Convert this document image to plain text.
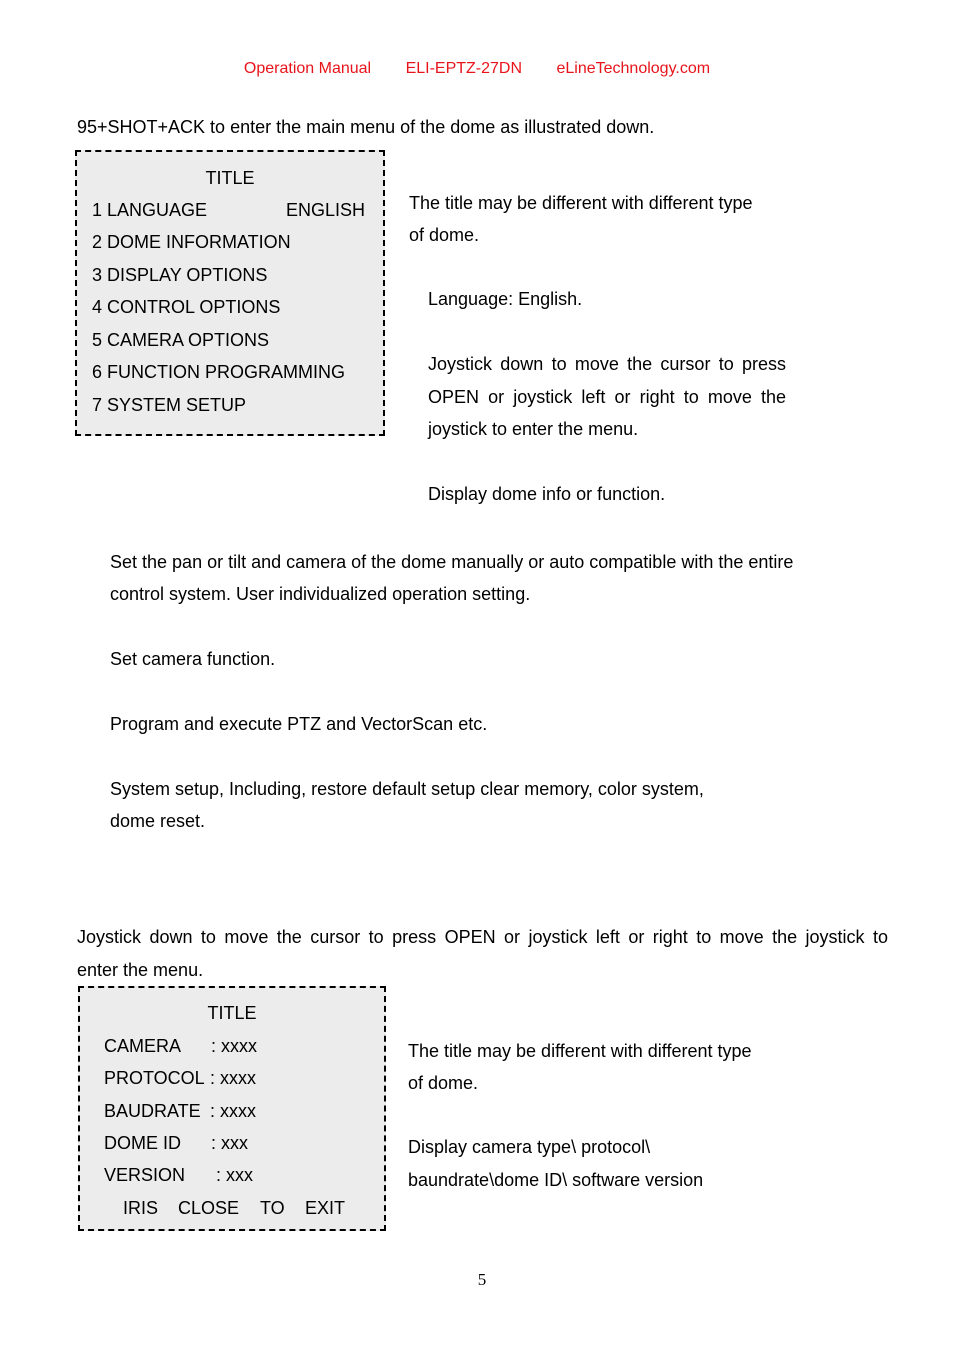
Operation Manual ELI-EPTZ-27DN eLineTechnology.com
95+SHOT+ACK to enter the main menu of the dome as illustrated down.
TITLE
1 LANGUAGE	ENGLISH
2 DOME INFORMATION
3 DISPLAY OPTIONS
4 CONTROL OPTIONS
5 CAMERA OPTIONS
6 FUNCTION PROGRAMMING
7 SYSTEM SETUP
The title may be different with different type
of dome.
Language: English.
Joystick down to move the cursor to press
OPEN or joystick left or right to move the
joystick to enter the menu.
Display dome info or function.
Set the pan or tilt and camera of the dome manually or auto compatible with the entire
control system. User individualized operation setting.
Set camera function.
Program and execute PTZ and VectorScan etc.
System setup, Including, restore default setup clear memory, color system,
dome reset.
Joystick down to move the cursor to press OPEN or joystick left or right to move the joystick to
enter the menu.
TITLE
CAMERA : xxxx
PROTOCOL : xxxx
BAUDRATE : xxxx
DOME ID : xxx
VERSION : xxx
IRIS CLOSE TO EXIT
The title may be different with different type
of dome.
Display camera type\ protocol\
baundrate\dome ID\ software version
5
